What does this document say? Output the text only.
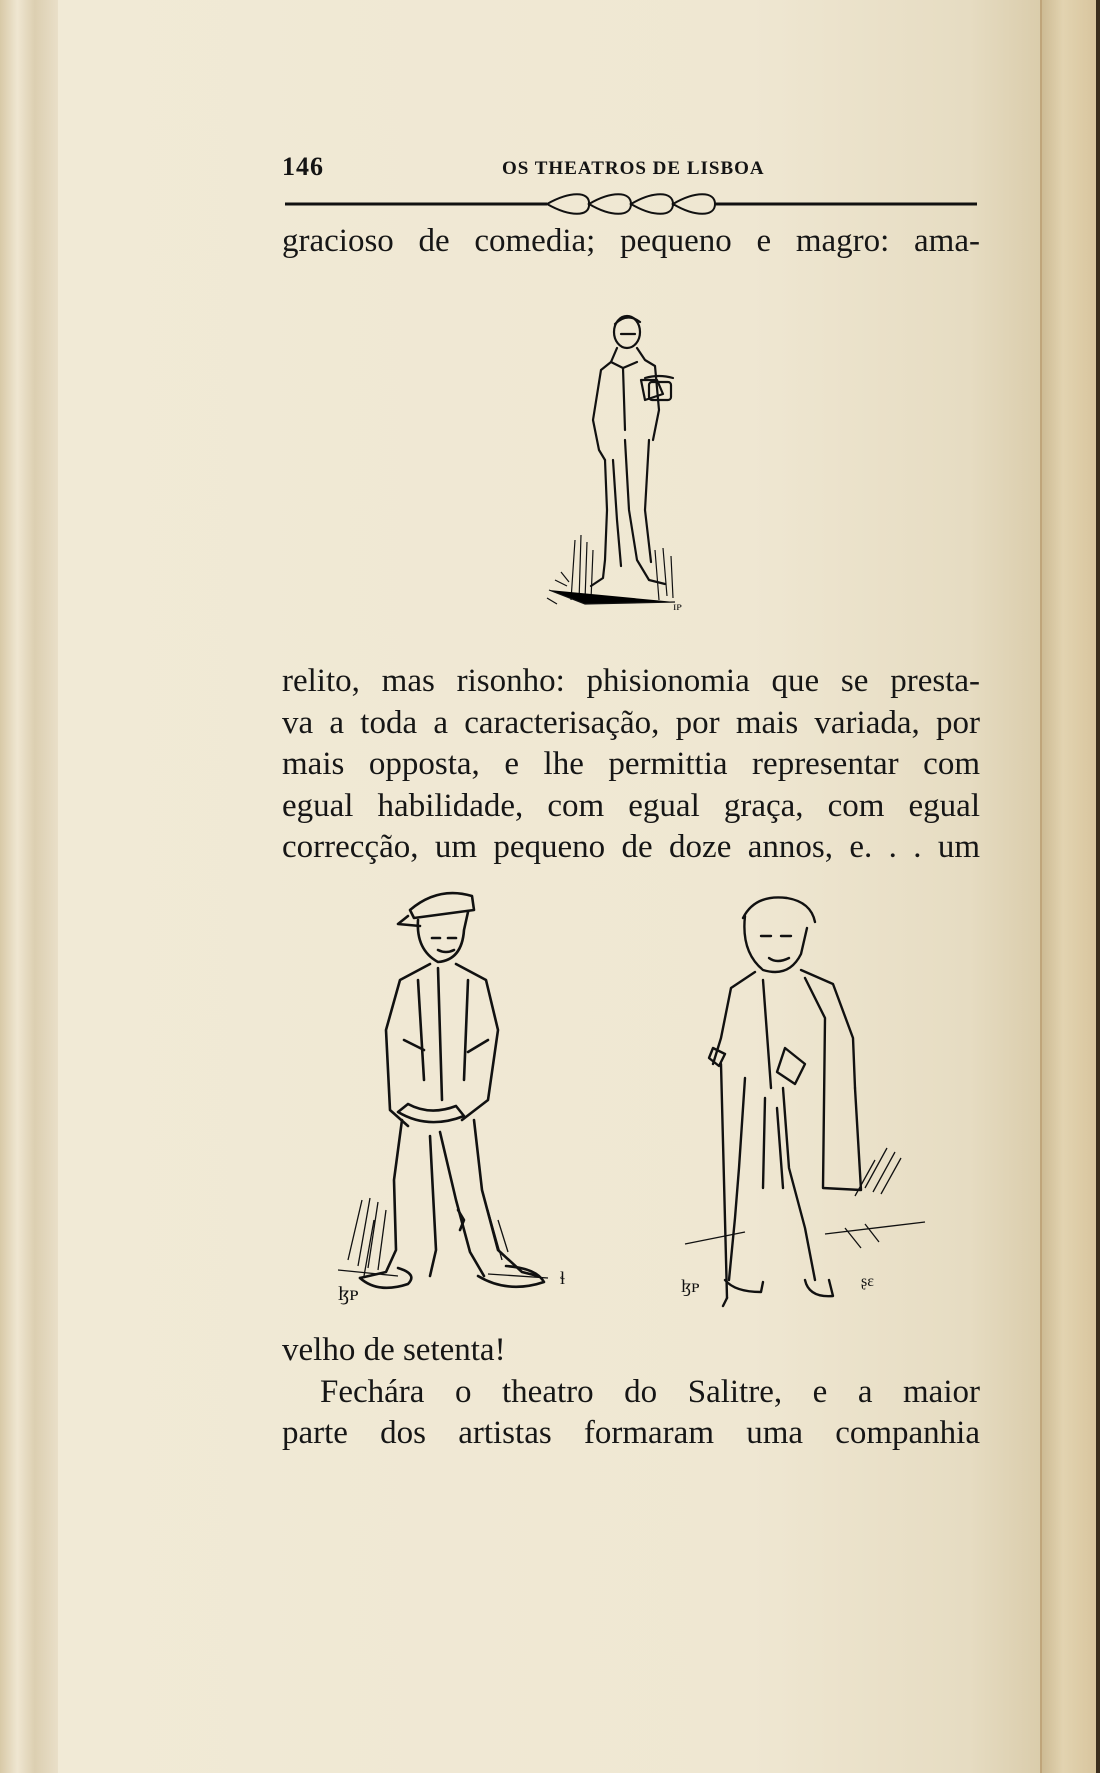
146	OS THEATROS DE LISBOA
gracioso de comedia; pequeno e magro: ama-
ɪᴘ
relito, mas risonho: phisionomia que se presta-
va a toda a caracterisação, por mais variada, por
mais opposta, e lhe permittia representar com
egual habilidade, com egual graça, com egual
correcção, um pequeno de doze annos, e. . . um
ɮᴘ
ɬ	ɮᴘ	ʂɛ
velho de setenta!
Fechára o theatro do Salitre, e a maior
parte dos artistas formaram uma companhia
